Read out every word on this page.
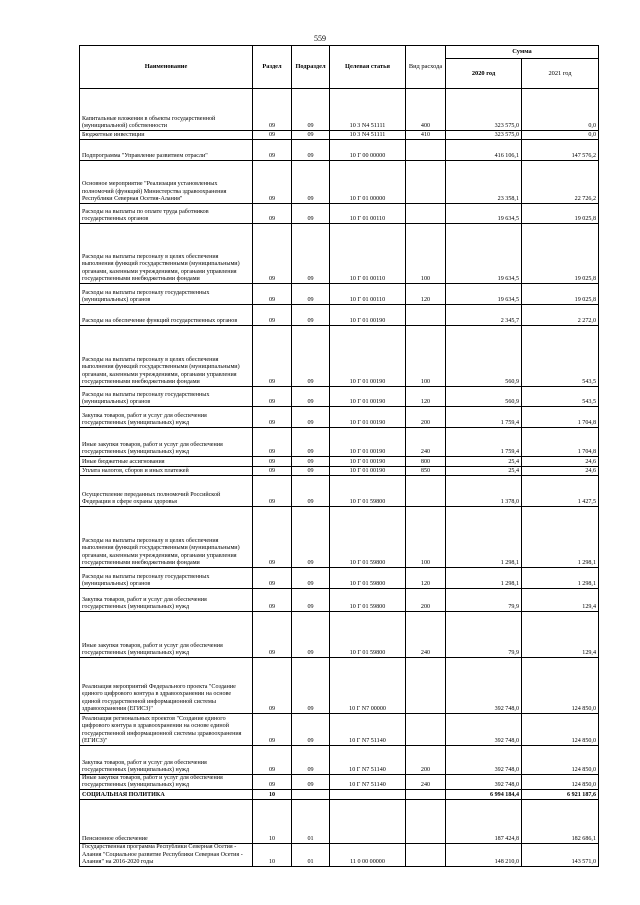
559
Наименование	Раздел	Подраздел	Целевая статья	Вид расхода	Сумма	
					2020 год	2021 год
Капитальные вложения в объекты государственной (муниципальной) собственности	09	09	10 3 N4 51111	400	323 575,0	0,0
Бюджетные инвестиции	09	09	10 3 N4 51111	410	323 575,0	0,0
Подпрограмма "Управление развитием отрасли"	09	09	10 Г 00 00000		416 106,1	147 576,2
Основное мероприятие "Реализация установленных полномочий (функций) Министерства здравоохранения Республики Северная Осетия-Алания"	09	09	10 Г 01 00000		23 358,1	22 726,2
Расходы на выплаты по оплате труда работников государственных органов	09	09	10 Г 01 00110		19 634,5	19 025,8
Расходы на выплаты персоналу в целях обеспечения выполнения функций государственными (муниципальными) органами, казенными учреждениями, органами управления государственными внебюджетными фондами	09	09	10 Г 01 00110	100	19 634,5	19 025,8
Расходы на выплаты персоналу государственных (муниципальных) органов	09	09	10 Г 01 00110	120	19 634,5	19 025,8
Расходы на обеспечение функций государственных органов	09	09	10 Г 01 00190		2 345,7	2 272,0
Расходы на выплаты персоналу в целях обеспечения выполнения функций государственными (муниципальными) органами, казенными учреждениями, органами управления государственными внебюджетными фондами	09	09	10 Г 01 00190	100	560,9	543,5
Расходы на выплаты персоналу государственных (муниципальных) органов	09	09	10 Г 01 00190	120	560,9	543,5
Закупка товаров, работ и услуг для обеспечения государственных (муниципальных) нужд	09	09	10 Г 01 00190	200	1 759,4	1 704,8
Иные закупки товаров, работ и услуг для обеспечения государственных (муниципальных) нужд	09	09	10 Г 01 00190	240	1 759,4	1 704,8
Иные бюджетные ассигнования	09	09	10 Г 01 00190	800	25,4	24,6
Уплата налогов, сборов и иных платежей	09	09	10 Г 01 00190	850	25,4	24,6
Осуществление переданных полномочий Российской Федерации в сфере охраны здоровья	09	09	10 Г 01 59800		1 378,0	1 427,5
Расходы на выплаты персоналу в целях обеспечения выполнения функций государственными (муниципальными) органами, казенными учреждениями, органами управления государственными внебюджетными фондами	09	09	10 Г 01 59800	100	1 298,1	1 298,1
Расходы на выплаты персоналу государственных (муниципальных) органов	09	09	10 Г 01 59800	120	1 298,1	1 298,1
Закупка товаров, работ и услуг для обеспечения государственных (муниципальных) нужд	09	09	10 Г 01 59800	200	79,9	129,4
Иные закупки товаров, работ и услуг для обеспечения государственных (муниципальных) нужд	09	09	10 Г 01 59800	240	79,9	129,4
Реализация мероприятий Федерального проекта "Создание единого цифрового контура в здравоохранении на основе единой государственной информационной системы здравоохранения (ЕГИСЗ)"	09	09	10 Г N7 00000		392 748,0	124 850,0
Реализация региональных проектов "Создание единого цифрового контура в здравоохранении на основе единой государственной информационной системы здравоохранения (ЕГИСЗ)"	09	09	10 Г N7 51140		392 748,0	124 850,0
Закупка товаров, работ и услуг для обеспечения государственных (муниципальных) нужд	09	09	10 Г N7 51140	200	392 748,0	124 850,0
Иные закупки товаров, работ и услуг для обеспечения государственных (муниципальных) нужд	09	09	10 Г N7 51140	240	392 748,0	124 850,0
СОЦИАЛЬНАЯ ПОЛИТИКА	10				6 994 184,4	6 921 187,6
Пенсионное обеспечение	10	01			187 424,8	182 686,1
Государственная программа Республики Северная Осетия - Алания "Социальное развитие Республики Северная Осетия - Алания" на 2016-2020 годы	10	01	11 0 00 00000		148 210,0	143 571,0
